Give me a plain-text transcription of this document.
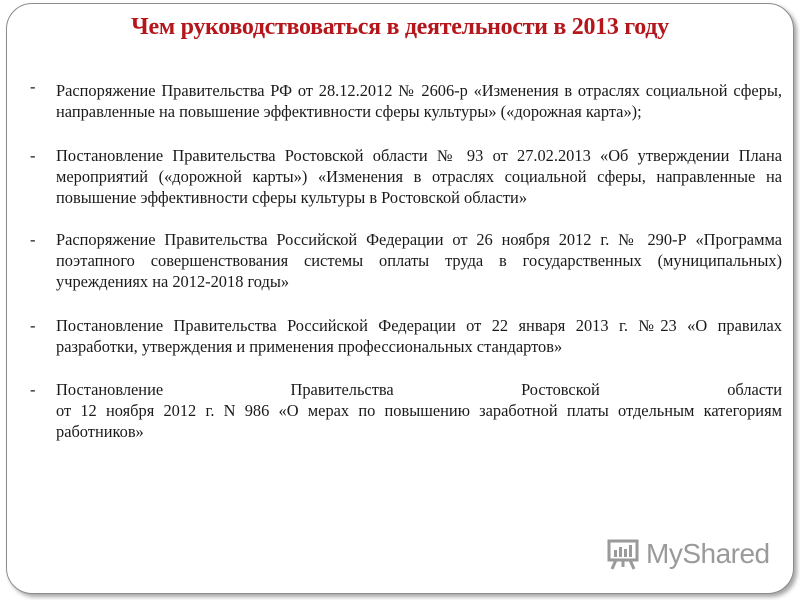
Чем руководствоваться в деятельности в 2013 году
- Распоряжение Правительства РФ от 28.12.2012 № 2606-р «Изменения в отраслях социальной сферы, направленные на повышение эффективности сферы культуры» («дорожная карта»);
- Постановление Правительства Ростовской области № 93 от 27.02.2013 «Об утверждении Плана мероприятий («дорожной карты») «Изменения в отраслях социальной сферы, направленные на повышение эффективности сферы культуры в Ростовской области»
- Распоряжение Правительства Российской Федерации от 26 ноября 2012 г. № 290-Р «Программа поэтапного совершенствования системы оплаты труда в государственных (муниципальных) учреждениях на 2012-2018 годы»
- Постановление Правительства Российской Федерации от 22 января 2013 г. №23 «О правилах разработки, утверждения и применения профессиональных стандартов»
- Постановление	Правительства	Ростовской	области
от 12 ноября 2012 г. N 986 «О мерах по повышению заработной платы отдельным категориям работников»
MyShared
